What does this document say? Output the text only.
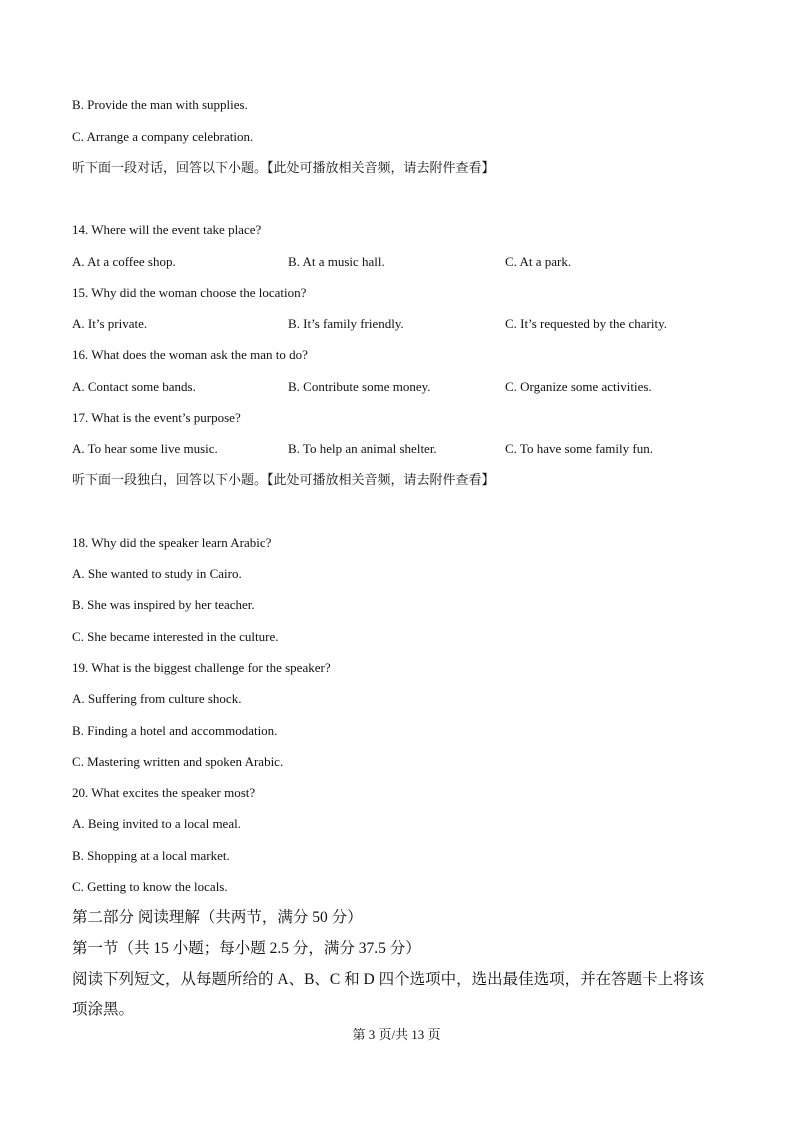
B. Provide the man with supplies.
C. Arrange a company celebration.
听下面一段对话，回答以下小题。【此处可播放相关音频，请去附件查看】
14. Where will the event take place?
A. At a coffee shop.	B. At a music hall.	C. At a park.
15. Why did the woman choose the location?
A. It’s private.	B. It’s family friendly.	C. It’s requested by the charity.
16. What does the woman ask the man to do?
A. Contact some bands.	B. Contribute some money.	C. Organize some activities.
17. What is the event’s purpose?
A. To hear some live music.	B. To help an animal shelter.	C. To have some family fun.
听下面一段独白，回答以下小题。【此处可播放相关音频，请去附件查看】
18. Why did the speaker learn Arabic?
A. She wanted to study in Cairo.
B. She was inspired by her teacher.
C. She became interested in the culture.
19. What is the biggest challenge for the speaker?
A. Suffering from culture shock.
B. Finding a hotel and accommodation.
C. Mastering written and spoken Arabic.
20. What excites the speaker most?
A. Being invited to a local meal.
B. Shopping at a local market.
C. Getting to know the locals.
第二部分 阅读理解（共两节，满分 50 分）
第一节（共 15 小题；每小题 2.5 分，满分 37.5 分）
阅读下列短文，从每题所给的 A、B、C 和 D 四个选项中，选出最佳选项，并在答题卡上将该
项涂黑。
第 3 页/共 13 页
